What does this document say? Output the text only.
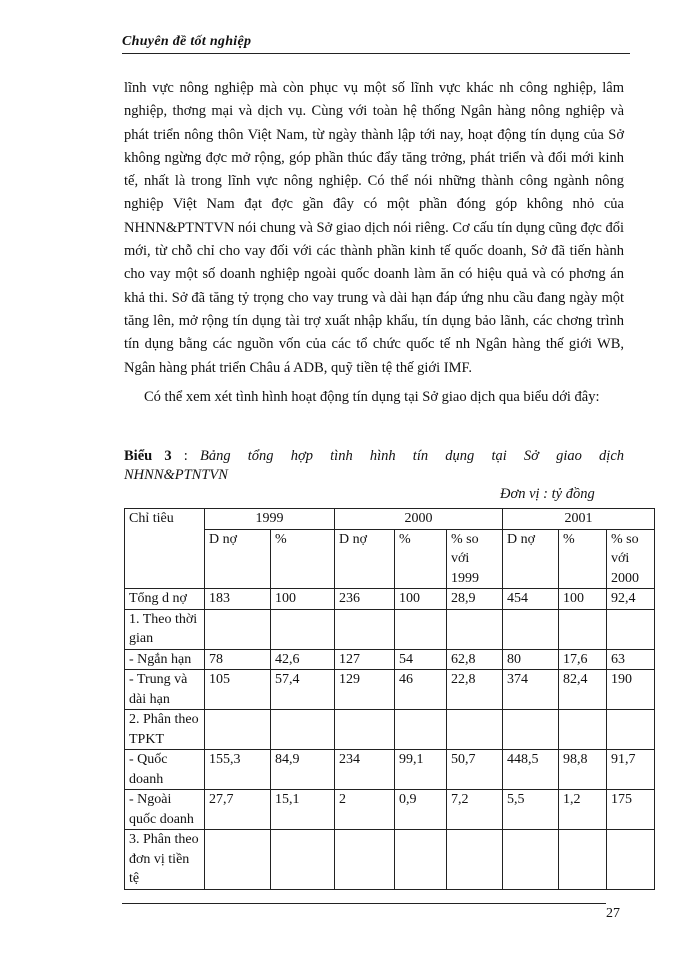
Chuyên đề tốt nghiệp

lĩnh vực nông nghiệp mà còn phục vụ một số lĩnh vực khác nh công nghiệp, lâm nghiệp, thơng mại và dịch vụ. Cùng với toàn hệ thống Ngân hàng nông nghiệp và phát triển nông thôn Việt Nam, từ ngày thành lập tới nay, hoạt động tín dụng của Sở không ngừng đợc mở rộng, góp phần thúc đẩy tăng trởng, phát triển và đổi mới kinh tế, nhất là trong lĩnh vực nông nghiệp. Có thể nói những thành công ngành nông nghiệp Việt Nam đạt đợc gần đây có một phần đóng góp không nhỏ của NHNN&PTNTVN nói chung và Sở giao dịch nói riêng. Cơ cấu tín dụng cũng đợc đổi mới, từ chỗ chỉ cho vay đối với các thành phần kinh tế quốc doanh, Sở đã tiến hành cho vay một số doanh nghiệp ngoài quốc doanh làm ăn có hiệu quả và có phơng án khả thi. Sở đã tăng tỷ trọng cho vay trung và dài hạn đáp ứng nhu cầu đang ngày một tăng lên, mở rộng tín dụng tài trợ xuất nhập khẩu, tín dụng bảo lãnh, các chơng trình tín dụng bằng các nguồn vốn của các tổ chức quốc tế nh Ngân hàng thế giới WB, Ngân hàng phát triển Châu á ADB, quỹ tiền tệ thế giới IMF.

Có thể xem xét tình hình hoạt động tín dụng tại Sở giao dịch qua biểu dới đây:

Biểu 3 : Bảng tổng hợp tình hình tín dụng tại Sở giao dịch NHNN&PTNTVN
Đơn vị : tỷ đồng
Chỉ tiêu	1999		2000			2001		
	D nợ	%	D nợ	%	% so với 1999	D nợ	%	% so với 2000
Tổng d nợ	183	100	236	100	28,9	454	100	92,4
1. Theo thời gian								
- Ngắn hạn	78	42,6	127	54	62,8	80	17,6	63
- Trung và dài hạn	105	57,4	129	46	22,8	374	82,4	190
2. Phân theo TPKT								
- Quốc doanh	155,3	84,9	234	99,1	50,7	448,5	98,8	91,7
- Ngoài quốc doanh	27,7	15,1	2	0,9	7,2	5,5	1,2	175
3. Phân theo đơn vị tiền tệ								
27
